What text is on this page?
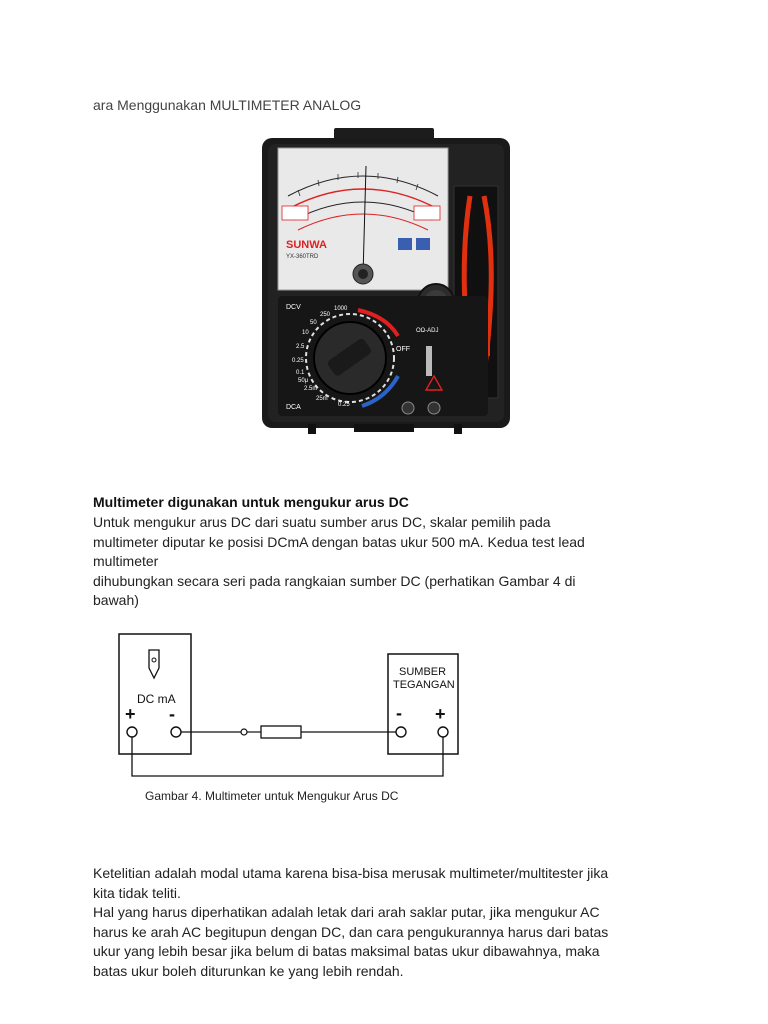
ara Menggunakan MULTIMETER ANALOG
SUNWA
YX-360TRD
DCV
DCA
OFF
OΩ-ADJ
1000
250
50
10
2.5
0.25
0.1
50μ
2.5m
25m
0.25
Multimeter digunakan untuk mengukur arus DC

Untuk mengukur arus DC dari suatu sumber arus DC, skalar pemilih pada

multimeter diputar ke posisi DCmA dengan batas ukur 500 mA. Kedua test lead

multimeter

dihubungkan secara seri pada rangkaian sumber DC (perhatikan Gambar 4 di

bawah)

DC mA
+ -
SUMBER
TEGANGAN
- +
Gambar 4. Multimeter untuk Mengukur Arus DC

Ketelitian adalah modal utama karena bisa-bisa merusak multimeter/multitester jika

kita tidak teliti.

Hal yang harus diperhatikan adalah letak dari arah saklar putar, jika mengukur AC

harus ke arah AC begitupun dengan DC, dan cara pengukurannya harus dari batas

ukur yang lebih besar jika belum di batas maksimal batas ukur dibawahnya, maka

batas ukur boleh diturunkan ke yang lebih rendah.
